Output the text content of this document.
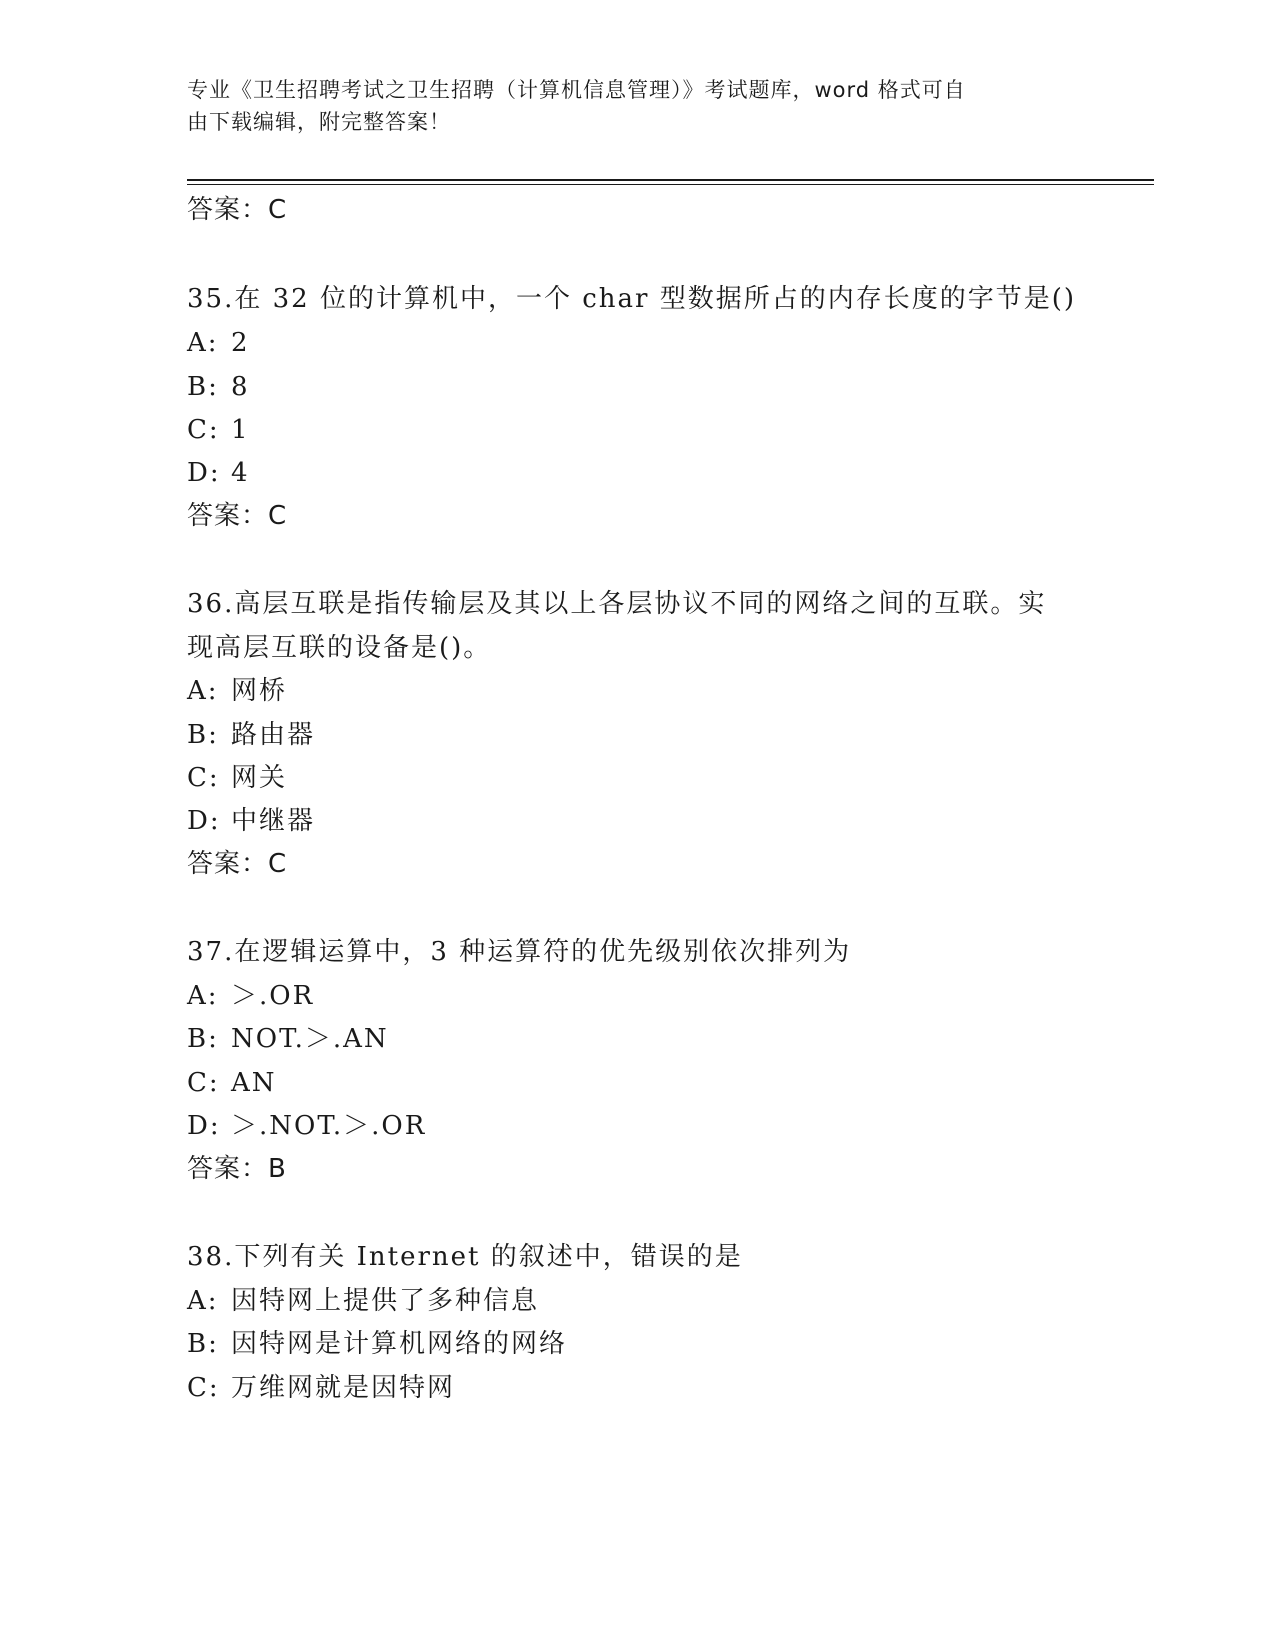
专业《卫生招聘考试之卫生招聘（计算机信息管理）》考试题库，word 格式可自
由下载编辑，附完整答案！
答案：C
35.在 32 位的计算机中，一个 char 型数据所占的内存长度的字节是()
A: 2
B: 8
C: 1
D: 4
答案：C
36.高层互联是指传输层及其以上各层协议不同的网络之间的互联。实
现高层互联的设备是()。
A: 网桥
B: 路由器
C: 网关
D: 中继器
答案：C
37.在逻辑运算中，3 种运算符的优先级别依次排列为
A: ＞.OR
B: NOT.＞.AN
C: AN
D: ＞.NOT.＞.OR
答案：B
38.下列有关 Internet 的叙述中，错误的是
A: 因特网上提供了多种信息
B: 因特网是计算机网络的网络
C: 万维网就是因特网
